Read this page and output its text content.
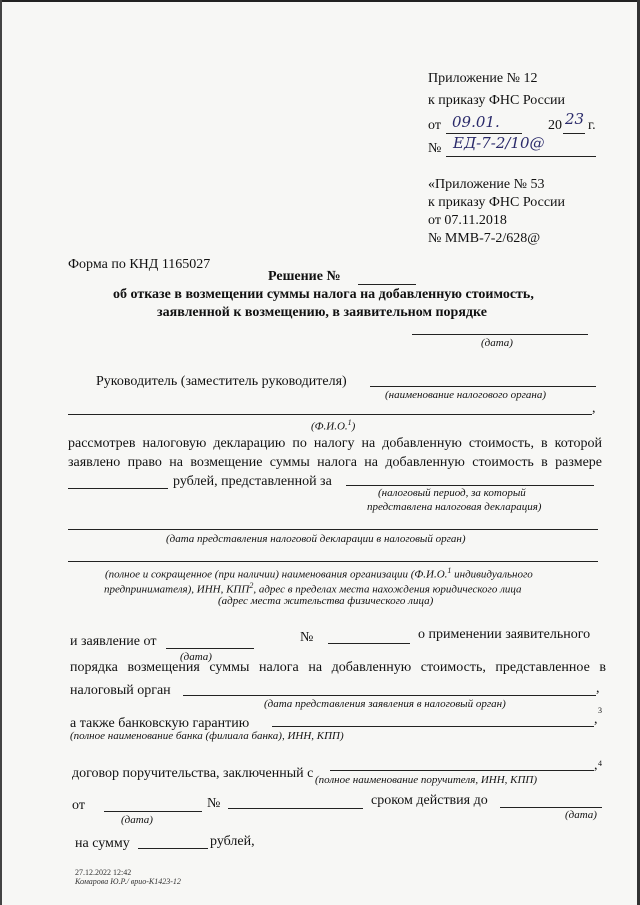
Приложение № 12
к приказу ФНС России
от 09.01.	20 23 г.
№ ЕД-7-2/10@
«Приложение № 53
к приказу ФНС России
от 07.11.2018
№ ММВ-7-2/628@
Форма по КНД 1165027
Решение №
об отказе в возмещении суммы налога на добавленную стоимость,
заявленной к возмещению, в заявительном порядке
(дата)
Руководитель (заместитель руководителя)
(наименование налогового органа)
,
(Ф.И.О.$^1$)
рассмотрев налоговую декларацию по налогу на добавленную стоимость, в которой
заявлено право на возмещение суммы налога на добавленную стоимость в размере
рублей, представленной за
(налоговый период, за который
представлена налоговая декларация)
(дата представления налоговой декларации в налоговый орган)
(полное и сокращенное (при наличии) наименования организации (Ф.И.О.$^1$ индивидуального
предпринимателя), ИНН, КПП$^2$, адрес в пределах места нахождения юридического лица
(адрес места жительства физического лица)
и заявление от
(дата)
№	о применении заявительного
порядка возмещения суммы налога на добавленную стоимость, представленное в
налоговый орган	,
(дата представления заявления в налоговый орган)
а также банковскую гарантию	,
3
(полное наименование банка (филиала банка), ИНН, КПП)
договор поручительства, заключенный с
, 4
(полное наименование поручителя, ИНН, КПП)
от
(дата)
№	сроком действия до
(дата)
на сумму	рублей,
27.12.2022 12:42
Комарова Ю.Р./ врио-К1423-12
